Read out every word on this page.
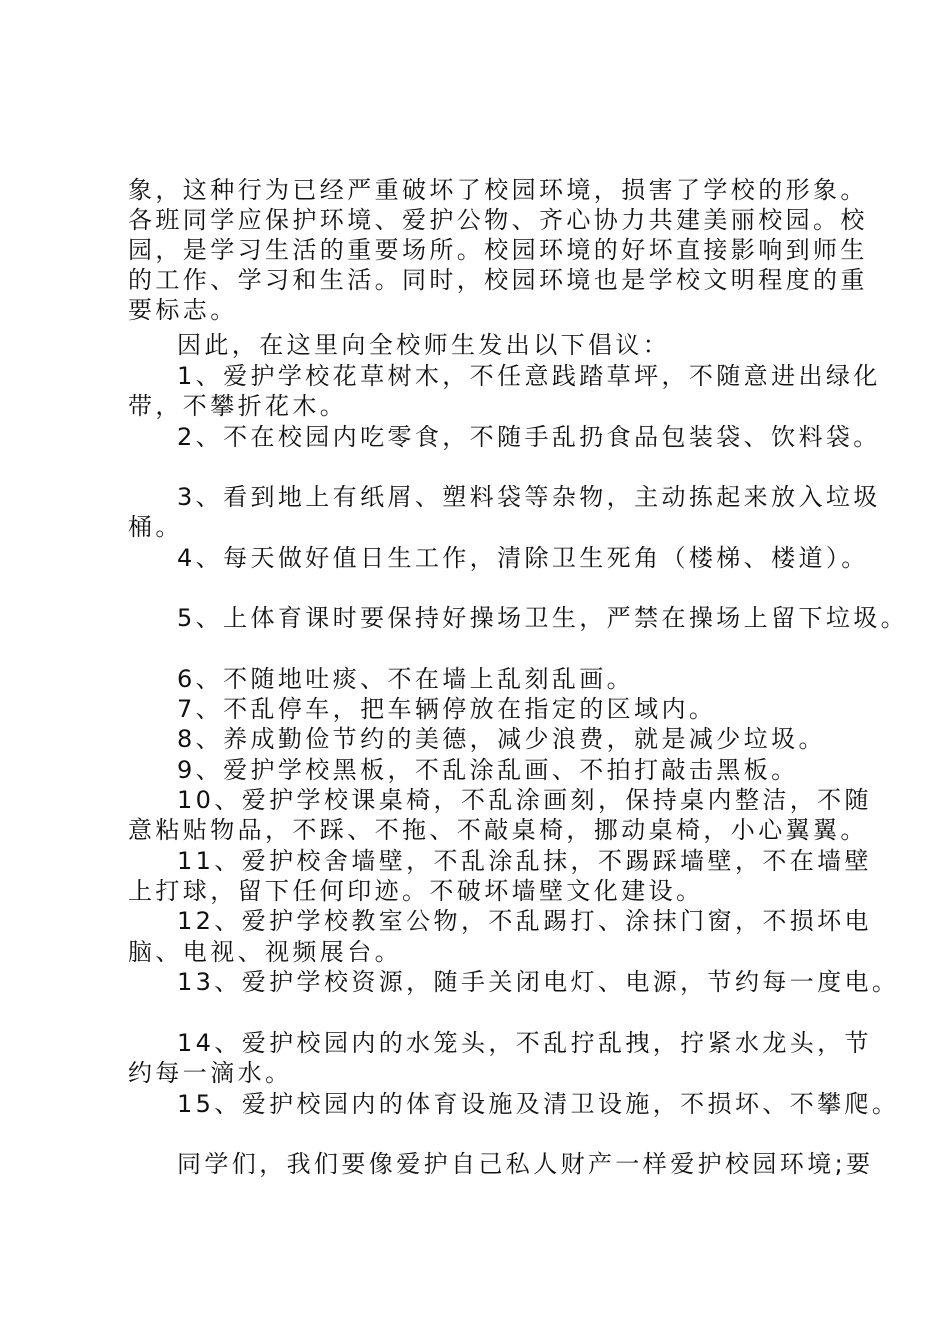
象，这种行为已经严重破坏了校园环境，损害了学校的形象。
各班同学应保护环境、爱护公物、齐心协力共建美丽校园。校
园，是学习生活的重要场所。校园环境的好坏直接影响到师生
的工作、学习和生活。同时，校园环境也是学校文明程度的重
要标志。
因此，在这里向全校师生发出以下倡议：
1、爱护学校花草树木，不任意践踏草坪，不随意进出绿化
带，不攀折花木。
2、不在校园内吃零食，不随手乱扔食品包装袋、饮料袋。
3、看到地上有纸屑、塑料袋等杂物，主动拣起来放入垃圾
桶。
4、每天做好值日生工作，清除卫生死角（楼梯、楼道）。
5、上体育课时要保持好操场卫生，严禁在操场上留下垃圾。
6、不随地吐痰、不在墙上乱刻乱画。
7、不乱停车，把车辆停放在指定的区域内。
8、养成勤俭节约的美德，减少浪费，就是减少垃圾。
9、爱护学校黑板，不乱涂乱画、不拍打敲击黑板。
10、爱护学校课桌椅，不乱涂画刻，保持桌内整洁，不随
意粘贴物品，不踩、不拖、不敲桌椅，挪动桌椅，小心翼翼。
11、爱护校舍墙壁，不乱涂乱抹，不踢踩墙壁，不在墙壁
上打球，留下任何印迹。不破坏墙壁文化建设。
12、爱护学校教室公物，不乱踢打、涂抹门窗，不损坏电
脑、电视、视频展台。
13、爱护学校资源，随手关闭电灯、电源，节约每一度电。
14、爱护校园内的水笼头，不乱拧乱拽，拧紧水龙头，节
约每一滴水。
15、爱护校园内的体育设施及清卫设施，不损坏、不攀爬。
同学们，我们要像爱护自己私人财产一样爱护校园环境;要
